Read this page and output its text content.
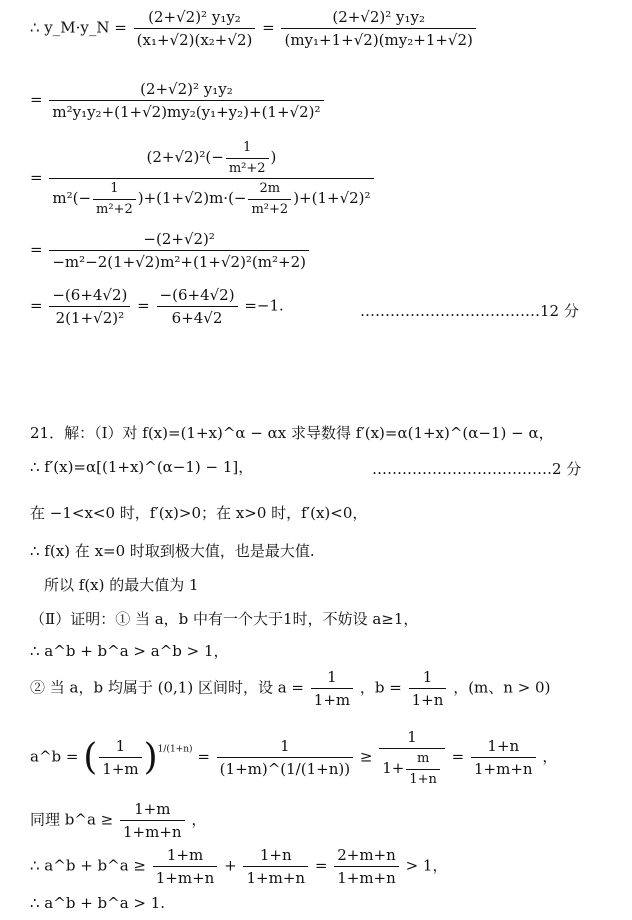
∴ y_M·y_N = $\frac{\text{(2+√2)² y₁y₂}}{\text{(x₁+√2)(x₂+√2)}} = \frac{\text{(2+√2)² y₁y₂}}{\text{(my₁+1+√2)(my₂+1+√2)}}$
= $\frac{\text{(2+√2)² y₁y₂}}{\text{m²y₁y₂+(1+√2)my₂(y₁+y₂)+(1+√2)²}}$
= $\frac{(2+√2)^2(- \frac{1}{\text{m²+2}} )}{m^2(- \frac{1}{\text{m²+2}} )+(1+√2)m\cdot(- \frac{2m}{\text{m²+2}} )+(1+√2)^2}$
= $\frac{\text{−(2+√2)²}}{\text{−m²−2(1+√2)m²+(1+√2)²(m²+2)}}$
= $\frac{-(6+4√2)}{\text{2(1+√2)²}} = \frac{-(6+4√2)}{6+4√2} =-1$.	………………………………12 分
21．解：（Ⅰ）对 f(x)=(1+x)^α − αx 求导数得 f′(x)=α(1+x)^(α−1) − α，
∴ f′(x)=α[(1+x)^(α−1) − 1]，	………………………………2 分
在 −1<x<0 时，f′(x)>0；在 x>0 时，f′(x)<0，
∴ f(x) 在 x=0 时取到极大值，也是最大值.
所以 f(x) 的最大值为 1
（Ⅱ）证明：① 当 a，b 中有一个大于1时，不妨设 a≥1，
∴ a^b + b^a > a^b > 1，
② 当 a，b 均属于 (0,1) 区间时，设 $a = \frac{1}{1+m}$ ，$b = \frac{1}{1+n}$ ，(m、n > 0)
a^b = ( $\frac{1}{1+m} )^{1/(1+n)} = \frac{1}{(1+m)\^{}(1/(1+n))} \ge \frac{1}{1+ \frac{m}{1+n}} = \frac{1+n}{1+m+n}$ ，
同理 b^a ≥ $\frac{1+m}{1+m+n}$ ，
∴ a^b + b^a ≥ $\frac{1+m}{1+m+n} + \frac{1+n}{1+m+n} = \frac{2+m+n}{1+m+n} > 1$，
∴ a^b + b^a > 1.
